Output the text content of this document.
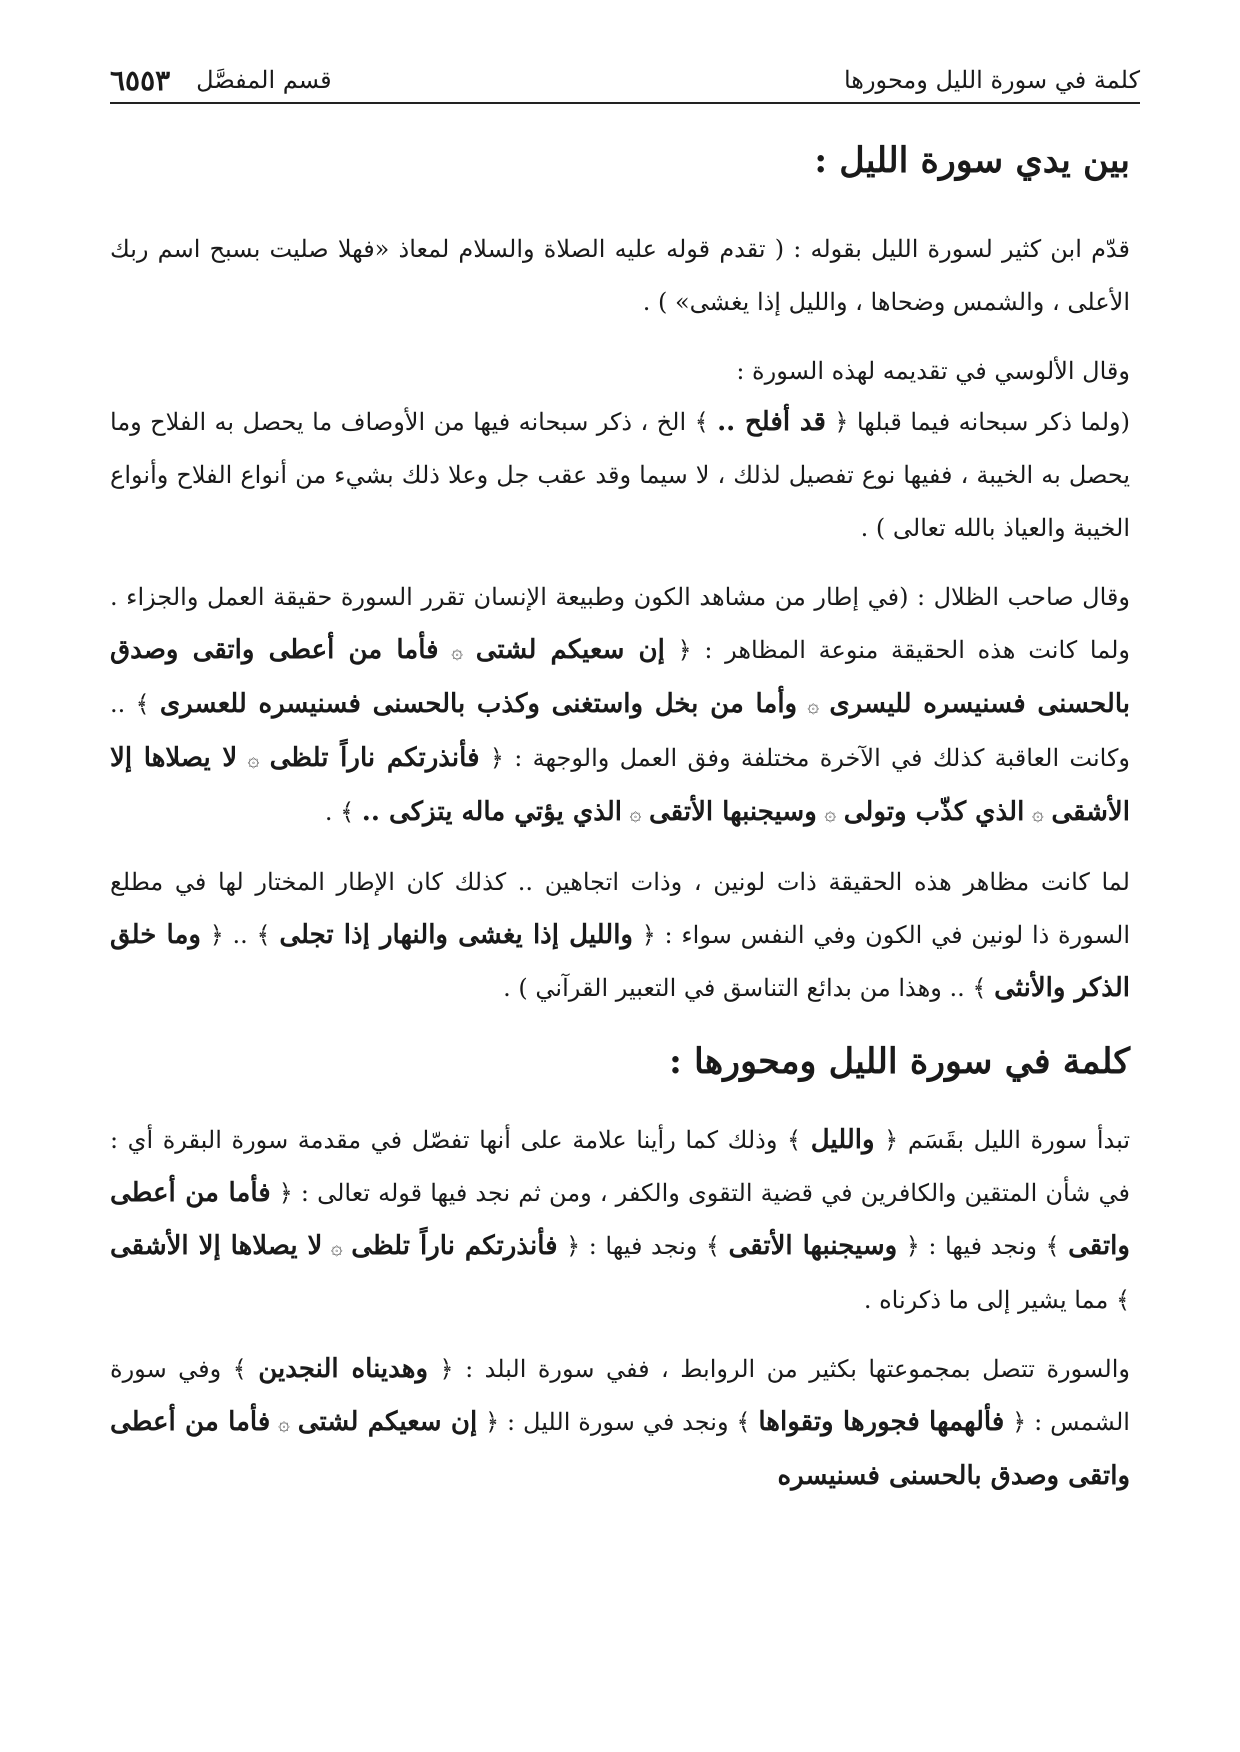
كلمة في سورة الليل ومحورها
قسم المفصَّل
٦٥٥٣
بين يدي سورة الليل :

قدّم ابن كثير لسورة الليل بقوله : ( تقدم قوله عليه الصلاة والسلام لمعاذ «فهلا صليت بسبح اسم ربك الأعلى ، والشمس وضحاها ، والليل إذا يغشى» ) .

وقال الألوسي في تقديمه لهذه السورة :

(ولما ذكر سبحانه فيما قبلها ﴿ قد أفلح .. ﴾ الخ ، ذكر سبحانه فيها من الأوصاف ما يحصل به الفلاح وما يحصل به الخيبة ، ففيها نوع تفصيل لذلك ، لا سيما وقد عقب جل وعلا ذلك بشيء من أنواع الفلاح وأنواع الخيبة والعياذ بالله تعالى ) .

وقال صاحب الظلال : (في إطار من مشاهد الكون وطبيعة الإنسان تقرر السورة حقيقة العمل والجزاء . ولما كانت هذه الحقيقة منوعة المظاهر : ﴿ إن سعيكم لشتى ۞ فأما من أعطى واتقى وصدق بالحسنى فسنيسره لليسرى ۞ وأما من بخل واستغنى وكذب بالحسنى فسنيسره للعسرى ﴾ .. وكانت العاقبة كذلك في الآخرة مختلفة وفق العمل والوجهة : ﴿ فأنذرتكم ناراً تلظى ۞ لا يصلاها إلا الأشقى ۞ الذي كذّب وتولى ۞ وسيجنبها الأتقى ۞ الذي يؤتي ماله يتزكى .. ﴾ .

لما كانت مظاهر هذه الحقيقة ذات لونين ، وذات اتجاهين .. كذلك كان الإطار المختار لها في مطلع السورة ذا لونين في الكون وفي النفس سواء : ﴿ والليل إذا يغشى والنهار إذا تجلى ﴾ .. ﴿ وما خلق الذكر والأنثى ﴾ .. وهذا من بدائع التناسق في التعبير القرآني ) .

كلمة في سورة الليل ومحورها :

تبدأ سورة الليل بقَسَم ﴿ والليل ﴾ وذلك كما رأينا علامة على أنها تفصّل في مقدمة سورة البقرة أي : في شأن المتقين والكافرين في قضية التقوى والكفر ، ومن ثم نجد فيها قوله تعالى : ﴿ فأما من أعطى واتقى ﴾ ونجد فيها : ﴿ وسيجنبها الأتقى ﴾ ونجد فيها : ﴿ فأنذرتكم ناراً تلظى ۞ لا يصلاها إلا الأشقى ﴾ مما يشير إلى ما ذكرناه .

والسورة تتصل بمجموعتها بكثير من الروابط ، ففي سورة البلد : ﴿ وهديناه النجدين ﴾ وفي سورة الشمس : ﴿ فألهمها فجورها وتقواها ﴾ ونجد في سورة الليل : ﴿ إن سعيكم لشتى ۞ فأما من أعطى واتقى وصدق بالحسنى فسنيسره
